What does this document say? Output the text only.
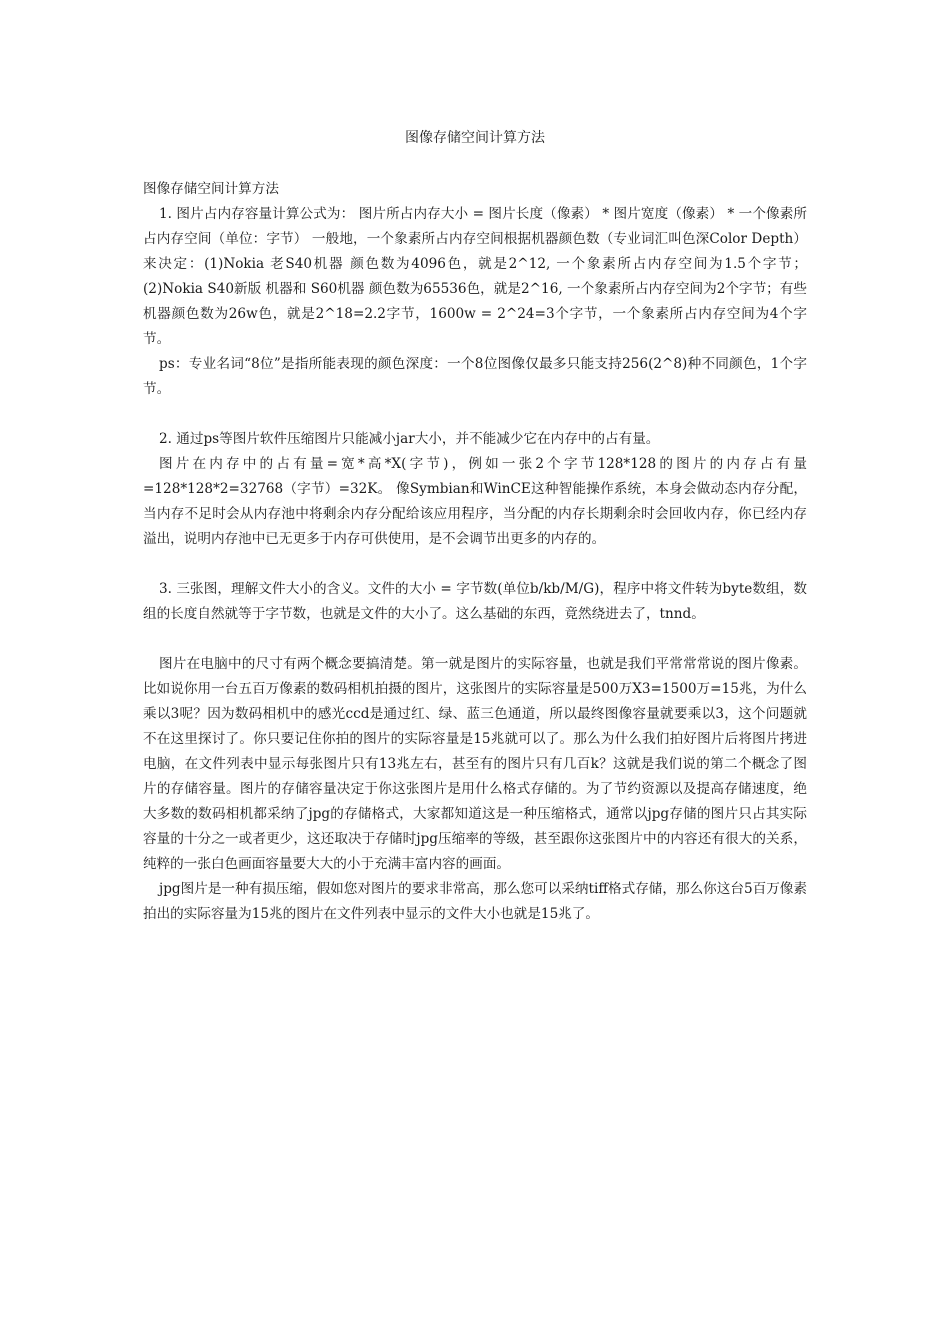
图像存储空间计算方法

图像存储空间计算方法

1. 图片占内存容量计算公式为： 图片所占内存大小 = 图片长度（像素） * 图片宽度（像素） * 一个像素所占内存空间（单位：字节） 一般地，一个象素所占内存空间根据机器颜色数（专业词汇叫色深Color Depth）来决定：(1)Nokia 老S40机器 颜色数为4096色，就是2^12, 一个象素所占内存空间为1.5个字节；(2)Nokia S40新版 机器和 S60机器 颜色数为65536色，就是2^16, 一个象素所占内存空间为2个字节；有些机器颜色数为26w色，就是2^18=2.2字节，1600w = 2^24=3个字节，一个象素所占内存空间为4个字节。

ps：专业名词“8位”是指所能表现的颜色深度：一个8位图像仅最多只能支持256(2^8)种不同颜色，1个字节。

2. 通过ps等图片软件压缩图片只能减小jar大小，并不能减少它在内存中的占有量。

图片在内存中的占有量=宽*高*X(字节)，例如一张2个字节128*128的图片的内存占有量=128*128*2=32768（字节）=32K。 像Symbian和WinCE这种智能操作系统，本身会做动态内存分配，当内存不足时会从内存池中将剩余内存分配给该应用程序，当分配的内存长期剩余时会回收内存，你已经内存溢出，说明内存池中已无更多于内存可供使用，是不会调节出更多的内存的。

3. 三张图，理解文件大小的含义。文件的大小 = 字节数(单位b/kb/M/G)，程序中将文件转为byte数组，数组的长度自然就等于字节数，也就是文件的大小了。这么基础的东西，竟然绕进去了，tnnd。

图片在电脑中的尺寸有两个概念要搞清楚。第一就是图片的实际容量，也就是我们平常常常说的图片像素。比如说你用一台五百万像素的数码相机拍摄的图片，这张图片的实际容量是500万X3=1500万=15兆，为什么乘以3呢？因为数码相机中的感光ccd是通过红、绿、蓝三色通道，所以最终图像容量就要乘以3，这个问题就不在这里探讨了。你只要记住你拍的图片的实际容量是15兆就可以了。那么为什么我们拍好图片后将图片拷进电脑，在文件列表中显示每张图片只有13兆左右，甚至有的图片只有几百k？这就是我们说的第二个概念了图片的存储容量。图片的存储容量决定于你这张图片是用什么格式存储的。为了节约资源以及提高存储速度，绝大多数的数码相机都采纳了jpg的存储格式，大家都知道这是一种压缩格式，通常以jpg存储的图片只占其实际容量的十分之一或者更少，这还取决于存储时jpg压缩率的等级，甚至跟你这张图片中的内容还有很大的关系，纯粹的一张白色画面容量要大大的小于充满丰富内容的画面。

jpg图片是一种有损压缩，假如您对图片的要求非常高，那么您可以采纳tiff格式存储，那么你这台5百万像素拍出的实际容量为15兆的图片在文件列表中显示的文件大小也就是15兆了。
